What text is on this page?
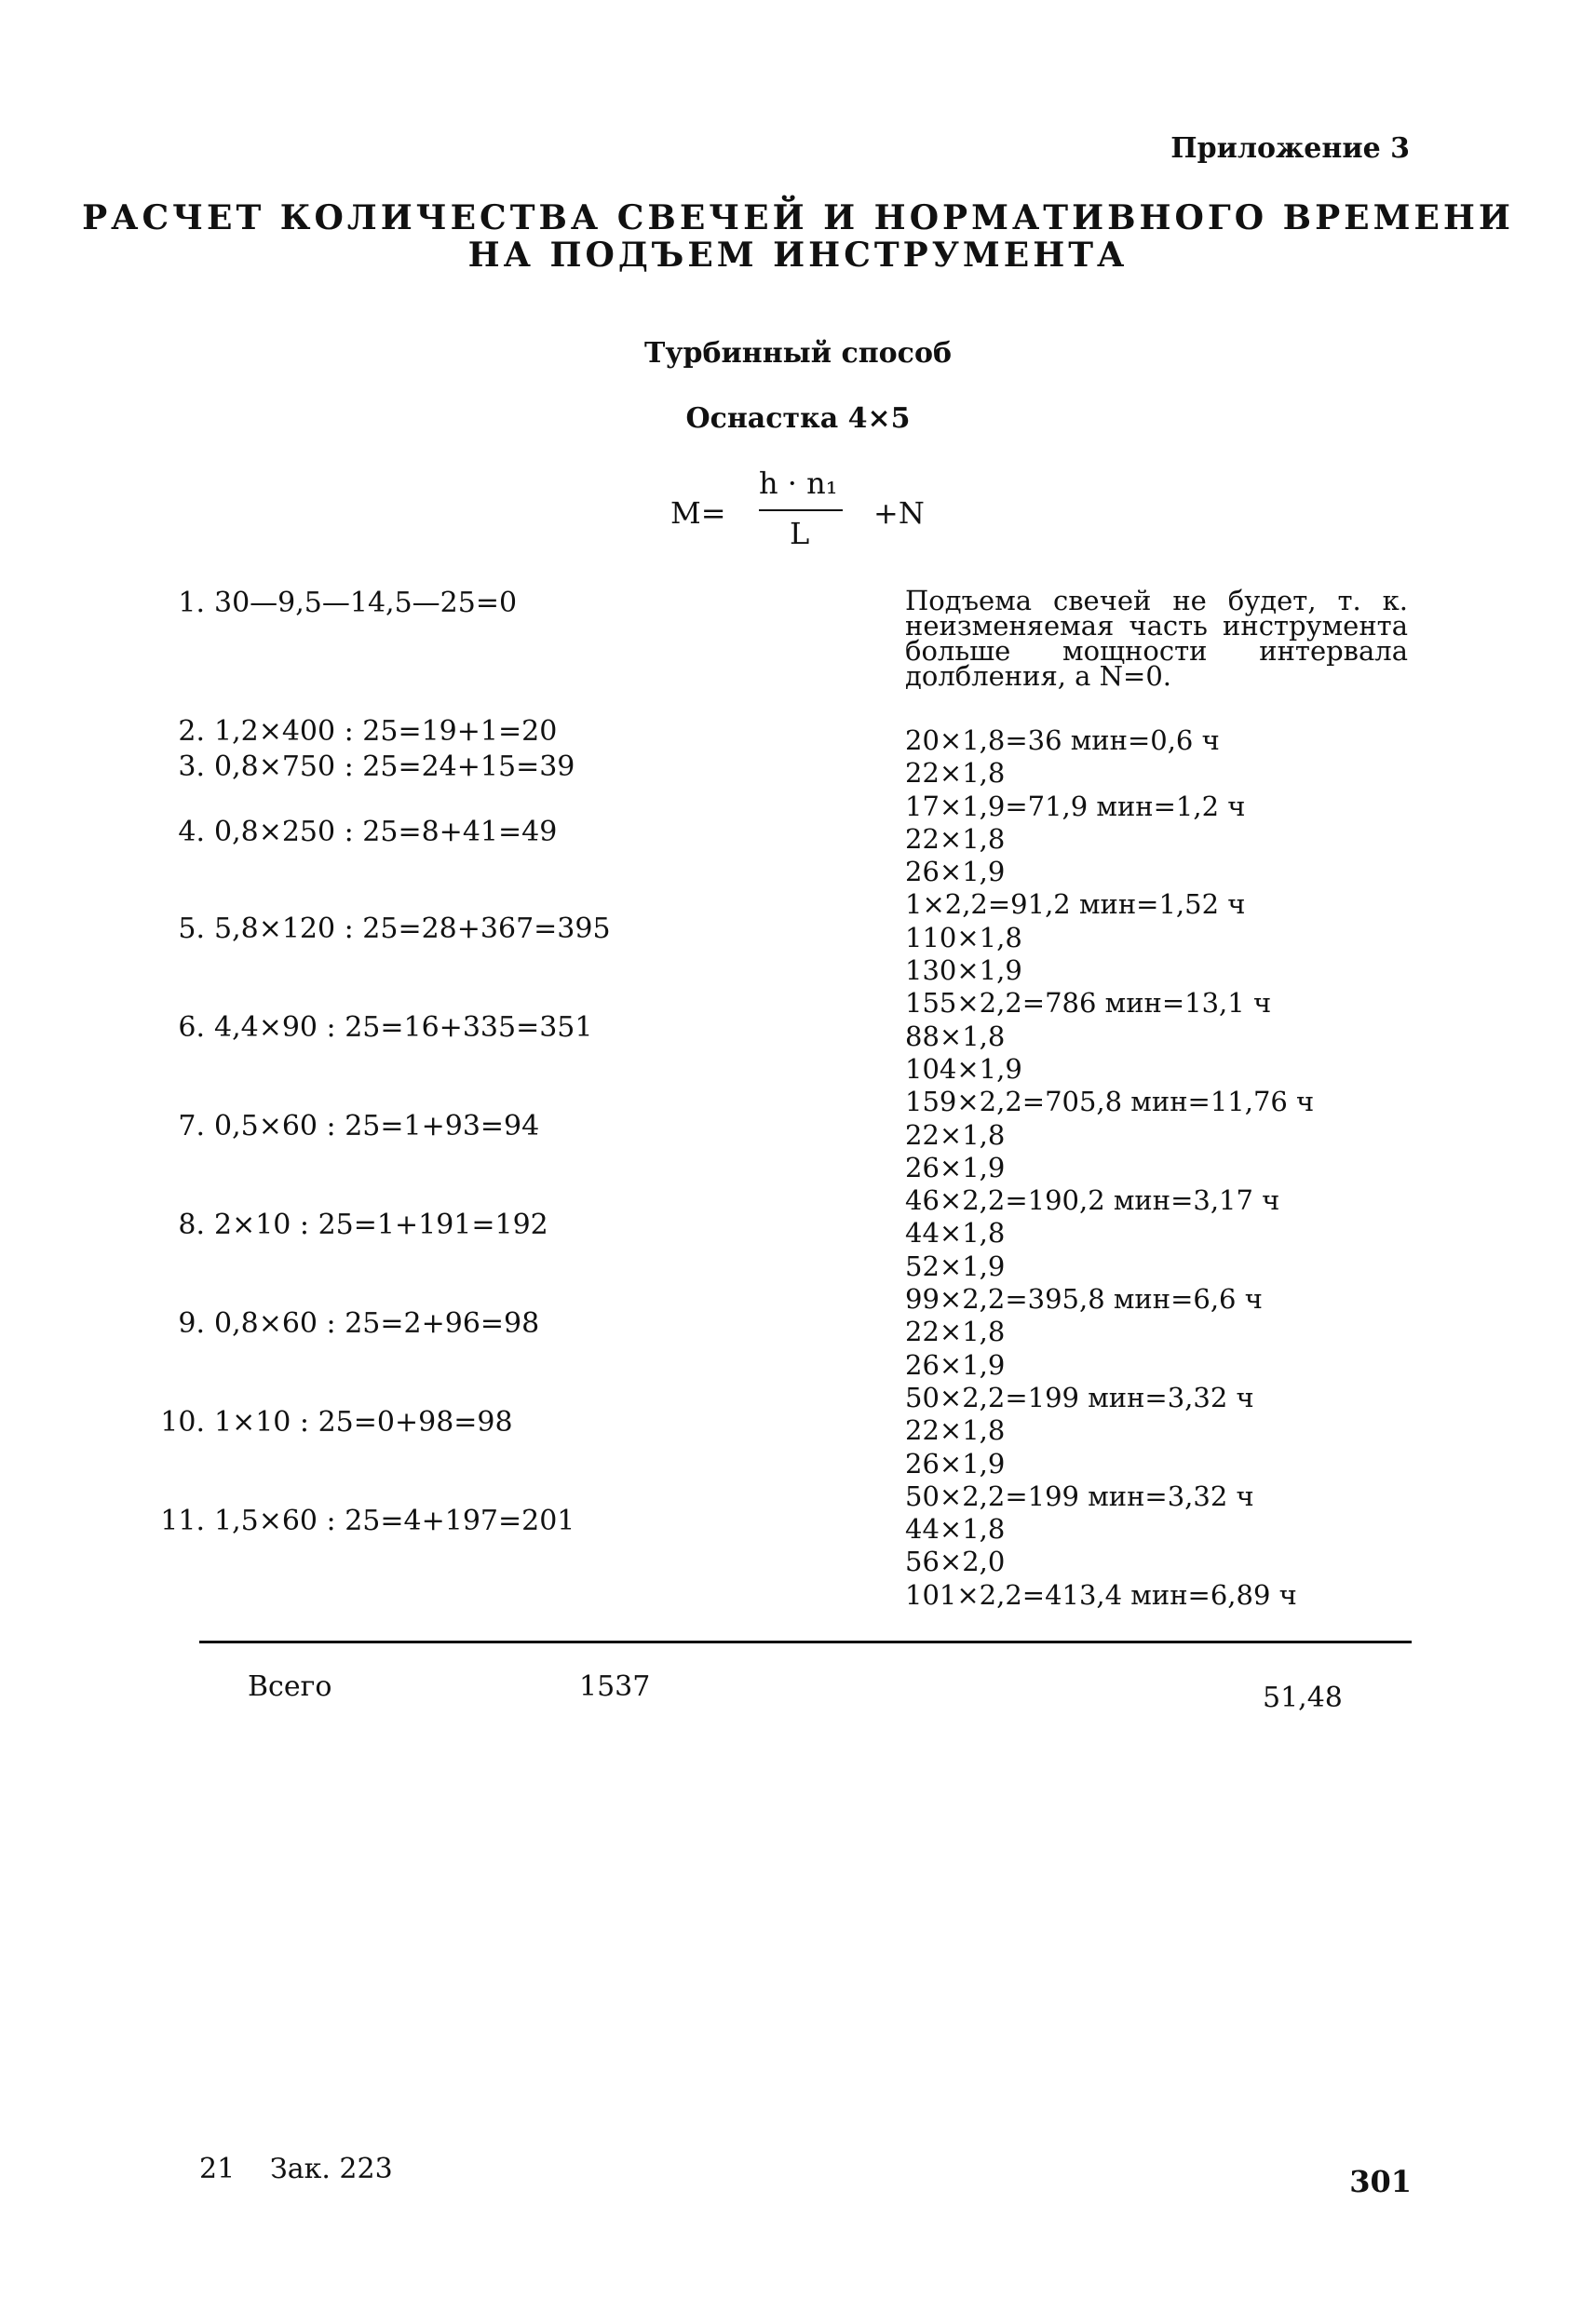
Приложение 3
РАСЧЕТ КОЛИЧЕСТВА СВЕЧЕЙ И НОРМАТИВНОГО ВРЕМЕНИ
НА ПОДЪЕМ ИНСТРУМЕНТА
Турбинный способ
Оснастка 4×5
М=
h · n₁
L
+N
1. 30—9,5—14,5—25=0
2. 1,2×400 : 25=19+1=20
3. 0,8×750 : 25=24+15=39
4. 0,8×250 : 25=8+41=49
5. 5,8×120 : 25=28+367=395
6. 4,4×90 : 25=16+335=351
7. 0,5×60 : 25=1+93=94
8. 2×10 : 25=1+191=192
9. 0,8×60 : 25=2+96=98
10. 1×10 : 25=0+98=98
11. 1,5×60 : 25=4+197=201
Подъема свечей не будет, т. к. неизменяемая часть инструмента больше мощности интервала долбления, а N=0.
20×1,8=36 мин=0,6 ч
22×1,8
17×1,9=71,9 мин=1,2 ч
22×1,8
26×1,9
1×2,2=91,2 мин=1,52 ч
110×1,8
130×1,9
155×2,2=786 мин=13,1 ч
88×1,8
104×1,9
159×2,2=705,8 мин=11,76 ч
22×1,8
26×1,9
46×2,2=190,2 мин=3,17 ч
44×1,8
52×1,9
99×2,2=395,8 мин=6,6 ч
22×1,8
26×1,9
50×2,2=199 мин=3,32 ч
22×1,8
26×1,9
50×2,2=199 мин=3,32 ч
44×1,8
56×2,0
101×2,2=413,4 мин=6,89 ч
Всего	1537	51,48
21 Зак. 223	301
